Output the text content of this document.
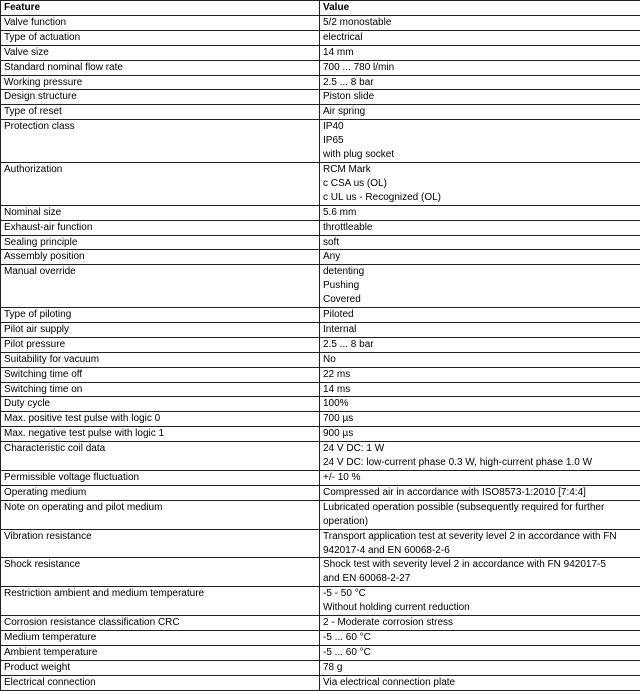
Feature	Value
Valve function	5/2 monostable

Type of actuation	electrical

Valve size	14 mm

Standard nominal flow rate	700 ... 780 l/min

Working pressure	2.5 ... 8 bar

Design structure	Piston slide

Type of reset	Air spring

Protection class	IP40
IP65
with plug socket

Authorization	RCM Mark
c CSA us (OL)
c UL us - Recognized (OL)

Nominal size	5.6 mm

Exhaust-air function	throttleable

Sealing principle	soft

Assembly position	Any

Manual override	detenting
Pushing
Covered

Type of piloting	Piloted

Pilot air supply	Internal

Pilot pressure	2.5 ... 8 bar

Suitability for vacuum	No

Switching time off	22 ms

Switching time on	14 ms

Duty cycle	100%

Max. positive test pulse with logic 0	700 µs

Max. negative test pulse with logic 1	900 µs

Characteristic coil data	24 V DC: 1 W
24 V DC: low-current phase 0.3 W, high-current phase 1.0 W

Permissible voltage fluctuation	+/- 10 %

Operating medium	Compressed air in accordance with ISO8573-1:2010 [7:4:4]

Note on operating and pilot medium	Lubricated operation possible (subsequently required for further
operation)

Vibration resistance	Transport application test at severity level 2 in accordance with FN
942017-4 and EN 60068-2-6

Shock resistance	Shock test with severity level 2 in accordance with FN 942017-5
and EN 60068-2-27

Restriction ambient and medium temperature	-5 - 50 °C
Without holding current reduction

Corrosion resistance classification CRC	2 - Moderate corrosion stress

Medium temperature	-5 ... 60 °C

Ambient temperature	-5 ... 60 °C

Product weight	78 g

Electrical connection	Via electrical connection plate
